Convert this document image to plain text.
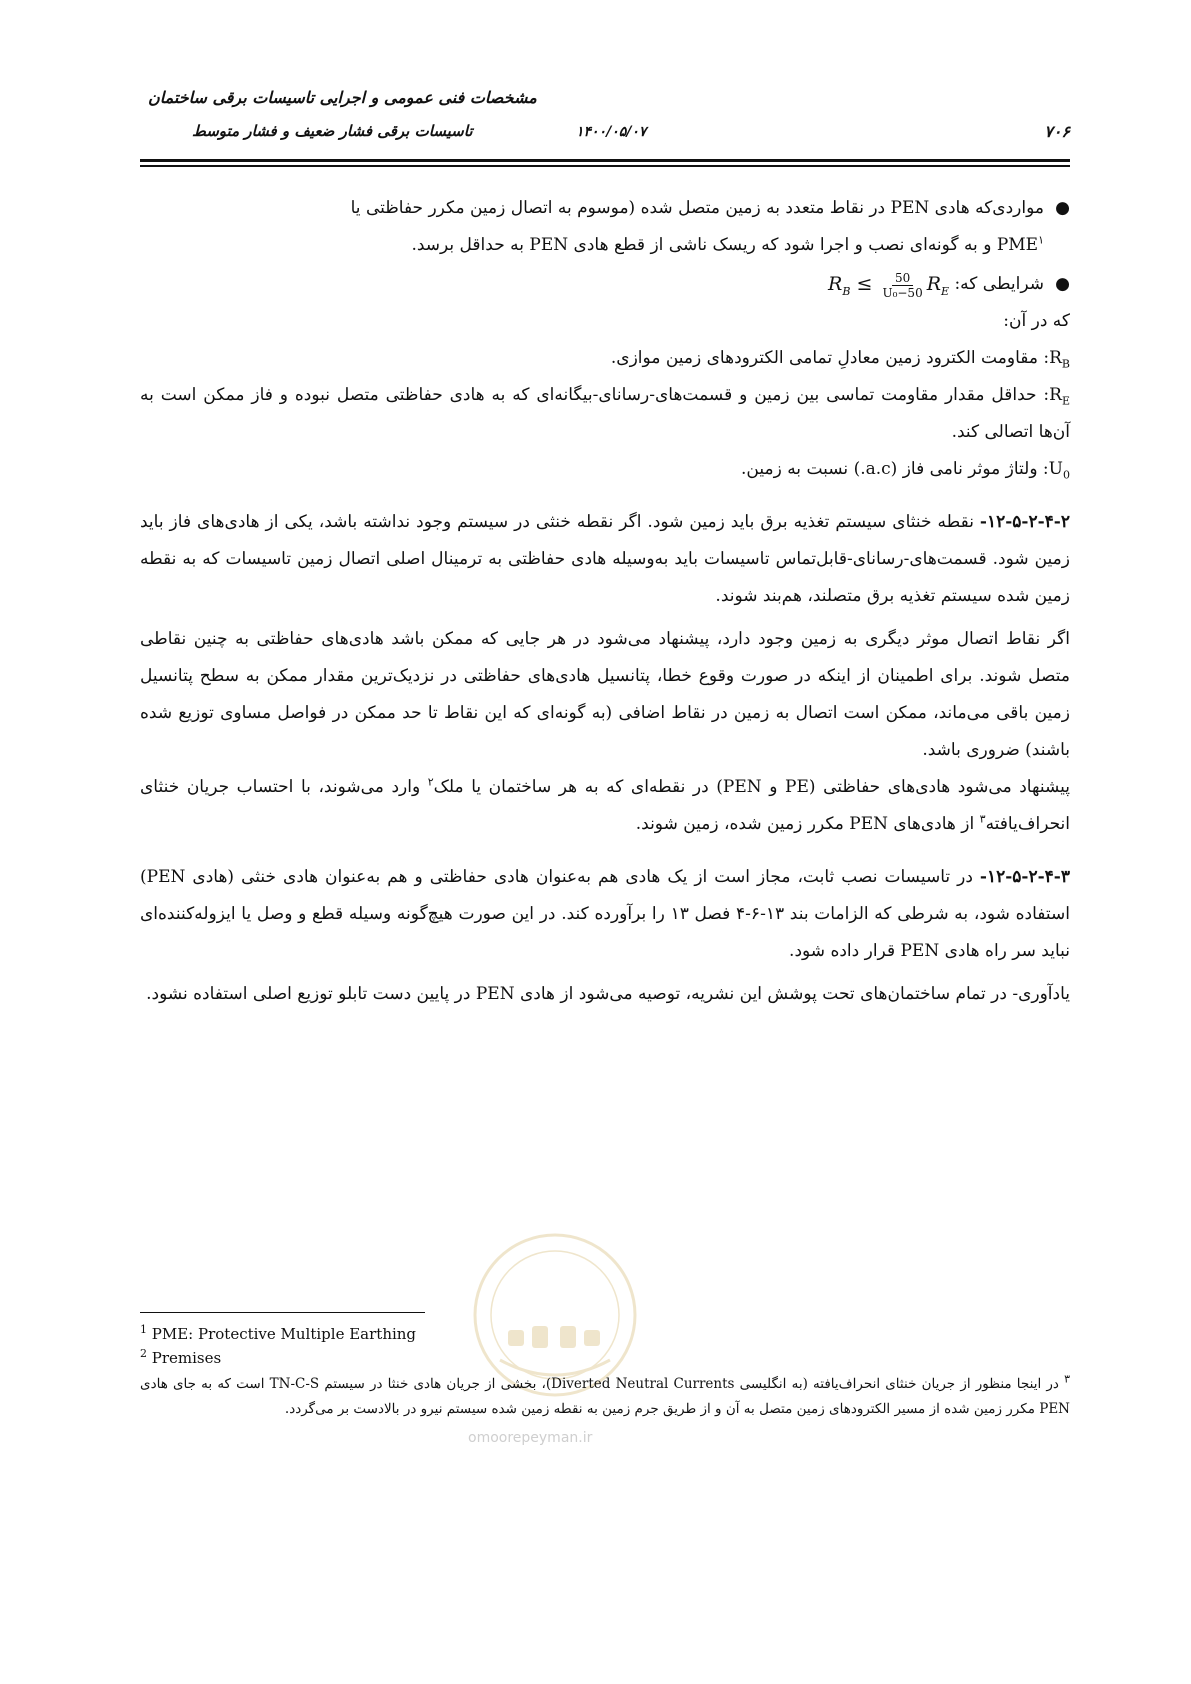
مشخصات فنی عمومی و اجرایی تاسیسات برقی ساختمان
تاسیسات برقی فشار ضعیف و فشار متوسط	۱۴۰۰/۰۵/۰۷	۷۰۶
omoorepeyman.ir

●
مواردی‌که هادی PEN در نقاط متعدد به زمین متصل شده (موسوم به اتصال زمین مکرر حفاظتی یا
PME$^۱$ و به گونه‌ای نصب و اجرا شود که ریسک ناشی از قطع هادی PEN به حداقل برسد.

●
شرایطی که: $R_B \le \frac{50}{\text{U₀−50}} R_E$

که در آن:

$R_B$: مقاومت الکترود زمین معادلِ تمامی الکترودهای زمین موازی.

$R_E$: حداقل مقدار مقاومت تماسی بین زمین و قسمت‌های-رسانای-بیگانه‌ای که به هادی حفاظتی متصل نبوده و فاز ممکن است به آن‌ها اتصالی کند.

$U_0$: ولتاژ موثر نامی فاز (a.c.) نسبت به زمین.

۱۲-۵-۲-۴-۲- نقطه خنثای سیستم تغذیه برق باید زمین شود. اگر نقطه خنثی در سیستم وجود نداشته باشد، یکی از هادی‌های فاز باید زمین شود. قسمت‌های-رسانای-قابل‌تماس تاسیسات باید به‌وسیله هادی حفاظتی به ترمینال اصلی اتصال زمین تاسیسات که به نقطه زمین شده سیستم تغذیه برق متصلند، هم‌بند شوند.

اگر نقاط اتصال موثر دیگری به زمین وجود دارد، پیشنهاد می‌شود در هر جایی که ممکن باشد هادی‌های حفاظتی به چنین نقاطی متصل شوند. برای اطمینان از اینکه در صورت وقوع خطا، پتانسیل هادی‌های حفاظتی در نزدیک‌ترین مقدار ممکن به سطح پتانسیل زمین باقی می‌ماند، ممکن است اتصال به زمین در نقاط اضافی (به گونه‌ای که این نقاط تا حد ممکن در فواصل مساوی توزیع شده باشند) ضروری باشد.

پیشنهاد می‌شود هادی‌های حفاظتی (PE و PEN) در نقطه‌ای که به هر ساختمان یا ملک$^۲$ وارد می‌شوند، با احتساب جریان خنثای انحراف‌یافته$^۳$ از هادی‌های PEN مکرر زمین شده، زمین شوند.

۱۲-۵-۲-۴-۳- در تاسیسات نصب ثابت، مجاز است از یک هادی هم به‌عنوان هادی حفاظتی و هم به‌عنوان هادی خنثی (هادی PEN) استفاده شود، به شرطی که الزامات بند ۱۳-۶-۴ فصل ۱۳ را برآورده کند. در این صورت هیچ‌گونه وسیله قطع و وصل یا ایزوله‌کننده‌ای نباید سر راه هادی PEN قرار داده شود.

یادآوری- در تمام ساختمان‌های تحت پوشش این نشریه، توصیه می‌شود از هادی PEN در پایین دست تابلو توزیع اصلی استفاده نشود.

$^1$ PME: Protective Multiple Earthing
$^2$ Premises
$^۳$ در اینجا منظور از جریان خنثای انحراف‌یافته (به انگلیسی Diverted Neutral Currents)، بخشی از جریان هادی خنثا در سیستم TN-C-S است که به جای هادی PEN مکرر زمین شده از مسیر الکترودهای زمین متصل به آن و از طریق جرم زمین به نقطه زمین شده سیستم نیرو در بالادست بر می‌گردد.
